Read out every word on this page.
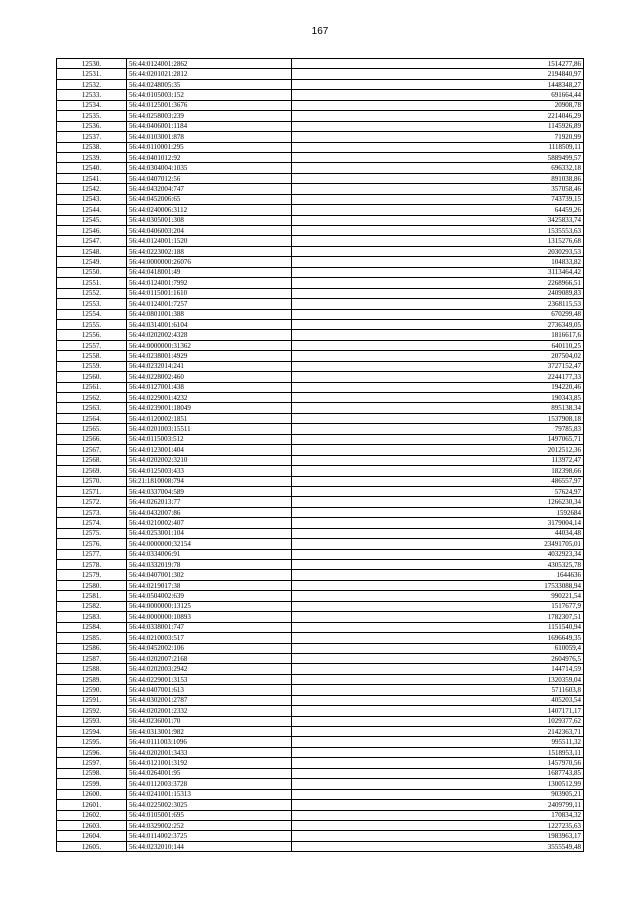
167
12530.	56:44:0124001:2862	1514277,86
12531.	56:44:0201021:2812	2194840,97
12532.	56:44:0248005:35	1448348,27
12533.	56:44:0105003:152	691664,44
12534.	56:44:0125001:3676	20908,78
12535.	56:44:0258003:239	2214046,29
12536.	56:44:0406001:1184	1145926,89
12537.	56:44:0103001:878	71920,99
12538.	56:44:0110001:295	1118509,11
12539.	56:44:0401012:92	5889499,57
12540.	56:44:0304004:1035	696332,18
12541.	56:44:0407012:56	891038,86
12542.	56:44:0432004:747	357058,46
12543.	56:44:0452006:65	743739,15
12544.	56:44:0240006:3112	64459,26
12545.	56:44:0305001:308	3425833,74
12546.	56:44:0406003:204	1535553,63
12547.	56:44:0124001:1520	1315276,68
12548.	56:44:0223002:188	2030293,53
12549.	56:44:0000000:26076	104833,82
12550.	56:44:0418001:49	3113464,42
12551.	56:44:0124001:7992	2268966,51
12552.	56:44:0115001:1610	2409089,83
12553.	56:44:0124001:7257	2368115,53
12554.	56:44:0801001:388	670299,48
12555.	56:44:0314001:6104	2736349,05
12556.	56:44:0202002:4328	1816617,6
12557.	56:44:0000000:31362	640110,25
12558.	56:44:0238001:4929	207504,02
12559.	56:44:0232014:241	3727152,47
12560.	56:44:0228002:460	2244177,33
12561.	56:44:0127001:438	194220,46
12562.	56:44:0229001:4232	190343,85
12563.	56:44:0239001:18049	895138,34
12564.	56:44:0120002:1851	1537908,18
12565.	56:44:0201003:15511	79785,83
12566.	56:44:0115003:512	1497065,71
12567.	56:44:0123001:404	2012512,36
12568.	56:44:0202002:3210	113972,47
12569.	56:44:0125003:433	182398,66
12570.	56:21:1810008:794	486557,97
12571.	56:44:0337004:589	57624,97
12572.	56:44:0262013:77	1266230,34
12573.	56:44:0432007:86	1592684
12574.	56:44:0210002:407	3179004,14
12575.	56:44:0253001:104	44034,48
12576.	56:44:0000000:32154	23491705,01
12577.	56:44:0334006:91	4032923,34
12578.	56:44:0332019:78	4305325,78
12579.	56:44:0407001:302	1644636
12580.	56:44:0219017:38	17533088,94
12581.	56:44:0504002:639	990221,54
12582.	56:44:0000000:13125	1517677,9
12583.	56:44:0000000:10893	1782307,51
12584.	56:44:0338001:747	1151540,94
12585.	56:44:0210003:517	1696649,35
12586.	56:44:0452002:106	610059,4
12587.	56:44:0202007:2168	2604976,5
12588.	56:44:0202003:2942	144714,59
12589.	56:44:0229001:3153	1320359,04
12590.	56:44:0407001:613	5711603,8
12591.	56:44:0302001:2787	405203,54
12592.	56:44:0202001:2332	1407171,17
12593.	56:44:0236001:70	1029377,62
12594.	56:44:0313001:982	2142363,71
12595.	56:44:0111003:1096	995511,32
12596.	56:44:0202001:3433	1518953,11
12597.	56:44:0121001:3192	1457970,56
12598.	56:44:0264001:95	1687743,85
12599.	56:44:0112003:3728	1300512,99
12600.	56:44:0241001:15313	903905,21
12601.	56:44:0225002:3025	2409799,11
12602.	56:44:0105001:695	170834,32
12603.	56:44:0329002:252	1227235,63
12604.	56:44:0114002:3725	1983963,17
12605.	56:44:0232010:144	3555549,48
